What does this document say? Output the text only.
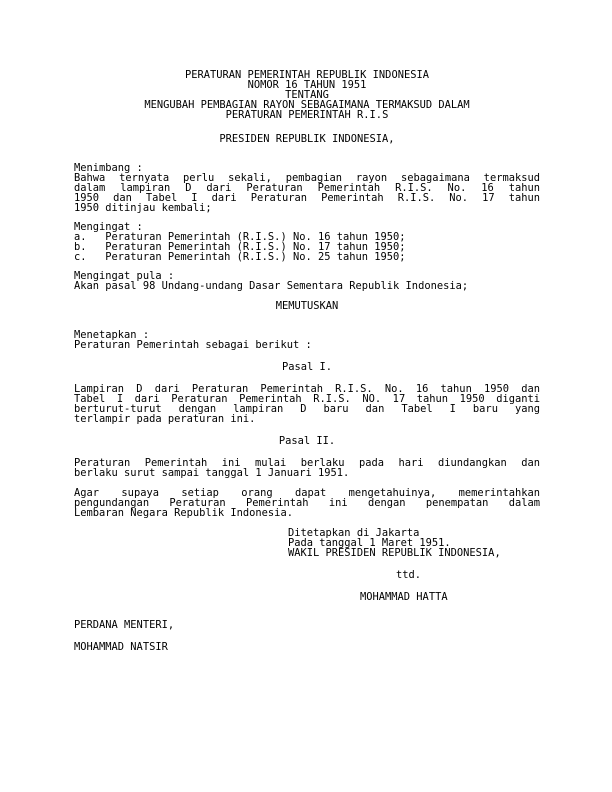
PERATURAN PEMERINTAH REPUBLIK INDONESIA
NOMOR 16 TAHUN 1951
TENTANG
MENGUBAH PEMBAGIAN RAYON SEBAGAIMANA TERMAKSUD DALAM
PERATURAN PEMERINTAH R.I.S
PRESIDEN REPUBLIK INDONESIA,
Menimbang :
Bahwa ternyata perlu sekali, pembagian rayon sebagaimana termaksud
dalam lampiran D dari Peraturan Pemerintah R.I.S. No. 16 tahun
1950 dan Tabel I dari Peraturan Pemerintah R.I.S. No. 17 tahun
1950 ditinjau kembali;
Mengingat :
a.   Peraturan Pemerintah (R.I.S.) No. 16 tahun 1950;
b.   Peraturan Pemerintah (R.I.S.) No. 17 tahun 1950;
c.   Peraturan Pemerintah (R.I.S.) No. 25 tahun 1950;
Mengingat pula :
Akan pasal 98 Undang-undang Dasar Sementara Republik Indonesia;
MEMUTUSKAN
Menetapkan :
Peraturan Pemerintah sebagai berikut :
Pasal I.
Lampiran D dari Peraturan Pemerintah R.I.S. No. 16 tahun 1950 dan
Tabel I dari Peraturan Pemerintah R.I.S. NO. 17 tahun 1950 diganti
berturut-turut dengan lampiran D baru dan Tabel I baru yang
terlampir pada peraturan ini.
Pasal II.
Peraturan Pemerintah ini mulai berlaku pada hari diundangkan dan
berlaku surut sampai tanggal 1 Januari 1951.
Agar supaya setiap orang dapat mengetahuinya, memerintahkan
pengundangan Peraturan Pemerintah ini dengan penempatan dalam
Lembaran Negara Republik Indonesia.
Ditetapkan di Jakarta
Pada tanggal 1 Maret 1951.
WAKIL PRESIDEN REPUBLIK INDONESIA,
ttd.
MOHAMMAD HATTA
PERDANA MENTERI,
MOHAMMAD NATSIR
